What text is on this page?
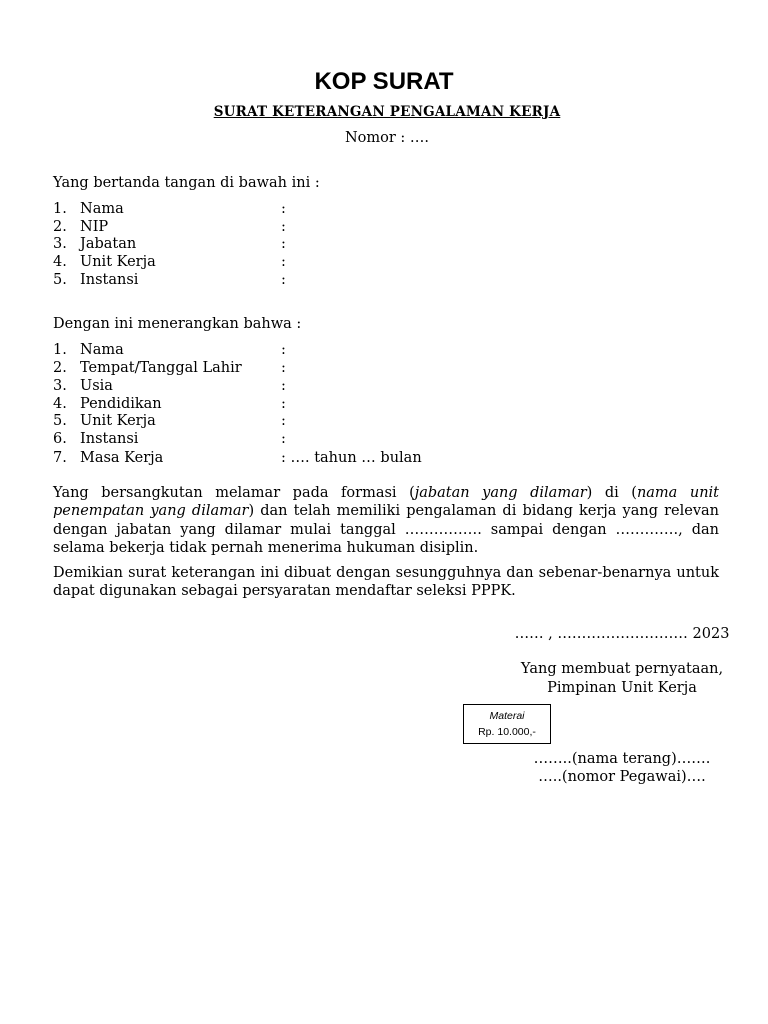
KOP SURAT
SURAT KETERANGAN PENGALAMAN KERJA
Nomor : ….
Yang bertanda tangan di bawah ini :
1. Nama	:
2. NIP	:
3. Jabatan	:
4. Unit Kerja	:
5. Instansi	:
Dengan ini menerangkan bahwa :
1. Nama	:
2. Tempat/Tanggal Lahir	:
3. Usia	:
4. Pendidikan	:
5. Unit Kerja	:
6. Instansi	:
7. Masa Kerja	: …. tahun … bulan
Yang bersangkutan melamar pada formasi (jabatan yang dilamar) di (nama unit penempatan yang dilamar) dan telah memiliki pengalaman di bidang kerja yang relevan dengan jabatan yang dilamar mulai tanggal ……………. sampai dengan …………., dan selama bekerja tidak pernah menerima hukuman disiplin.
Demikian surat keterangan ini dibuat dengan sesungguhnya dan sebenar-benarnya untuk dapat digunakan sebagai persyaratan mendaftar seleksi PPPK.
…… , ……………………… 2023
Yang membuat pernyataan,
Pimpinan Unit Kerja
Materai
Rp. 10.000,-
……..(nama terang)…….
…..(nomor Pegawai)….
